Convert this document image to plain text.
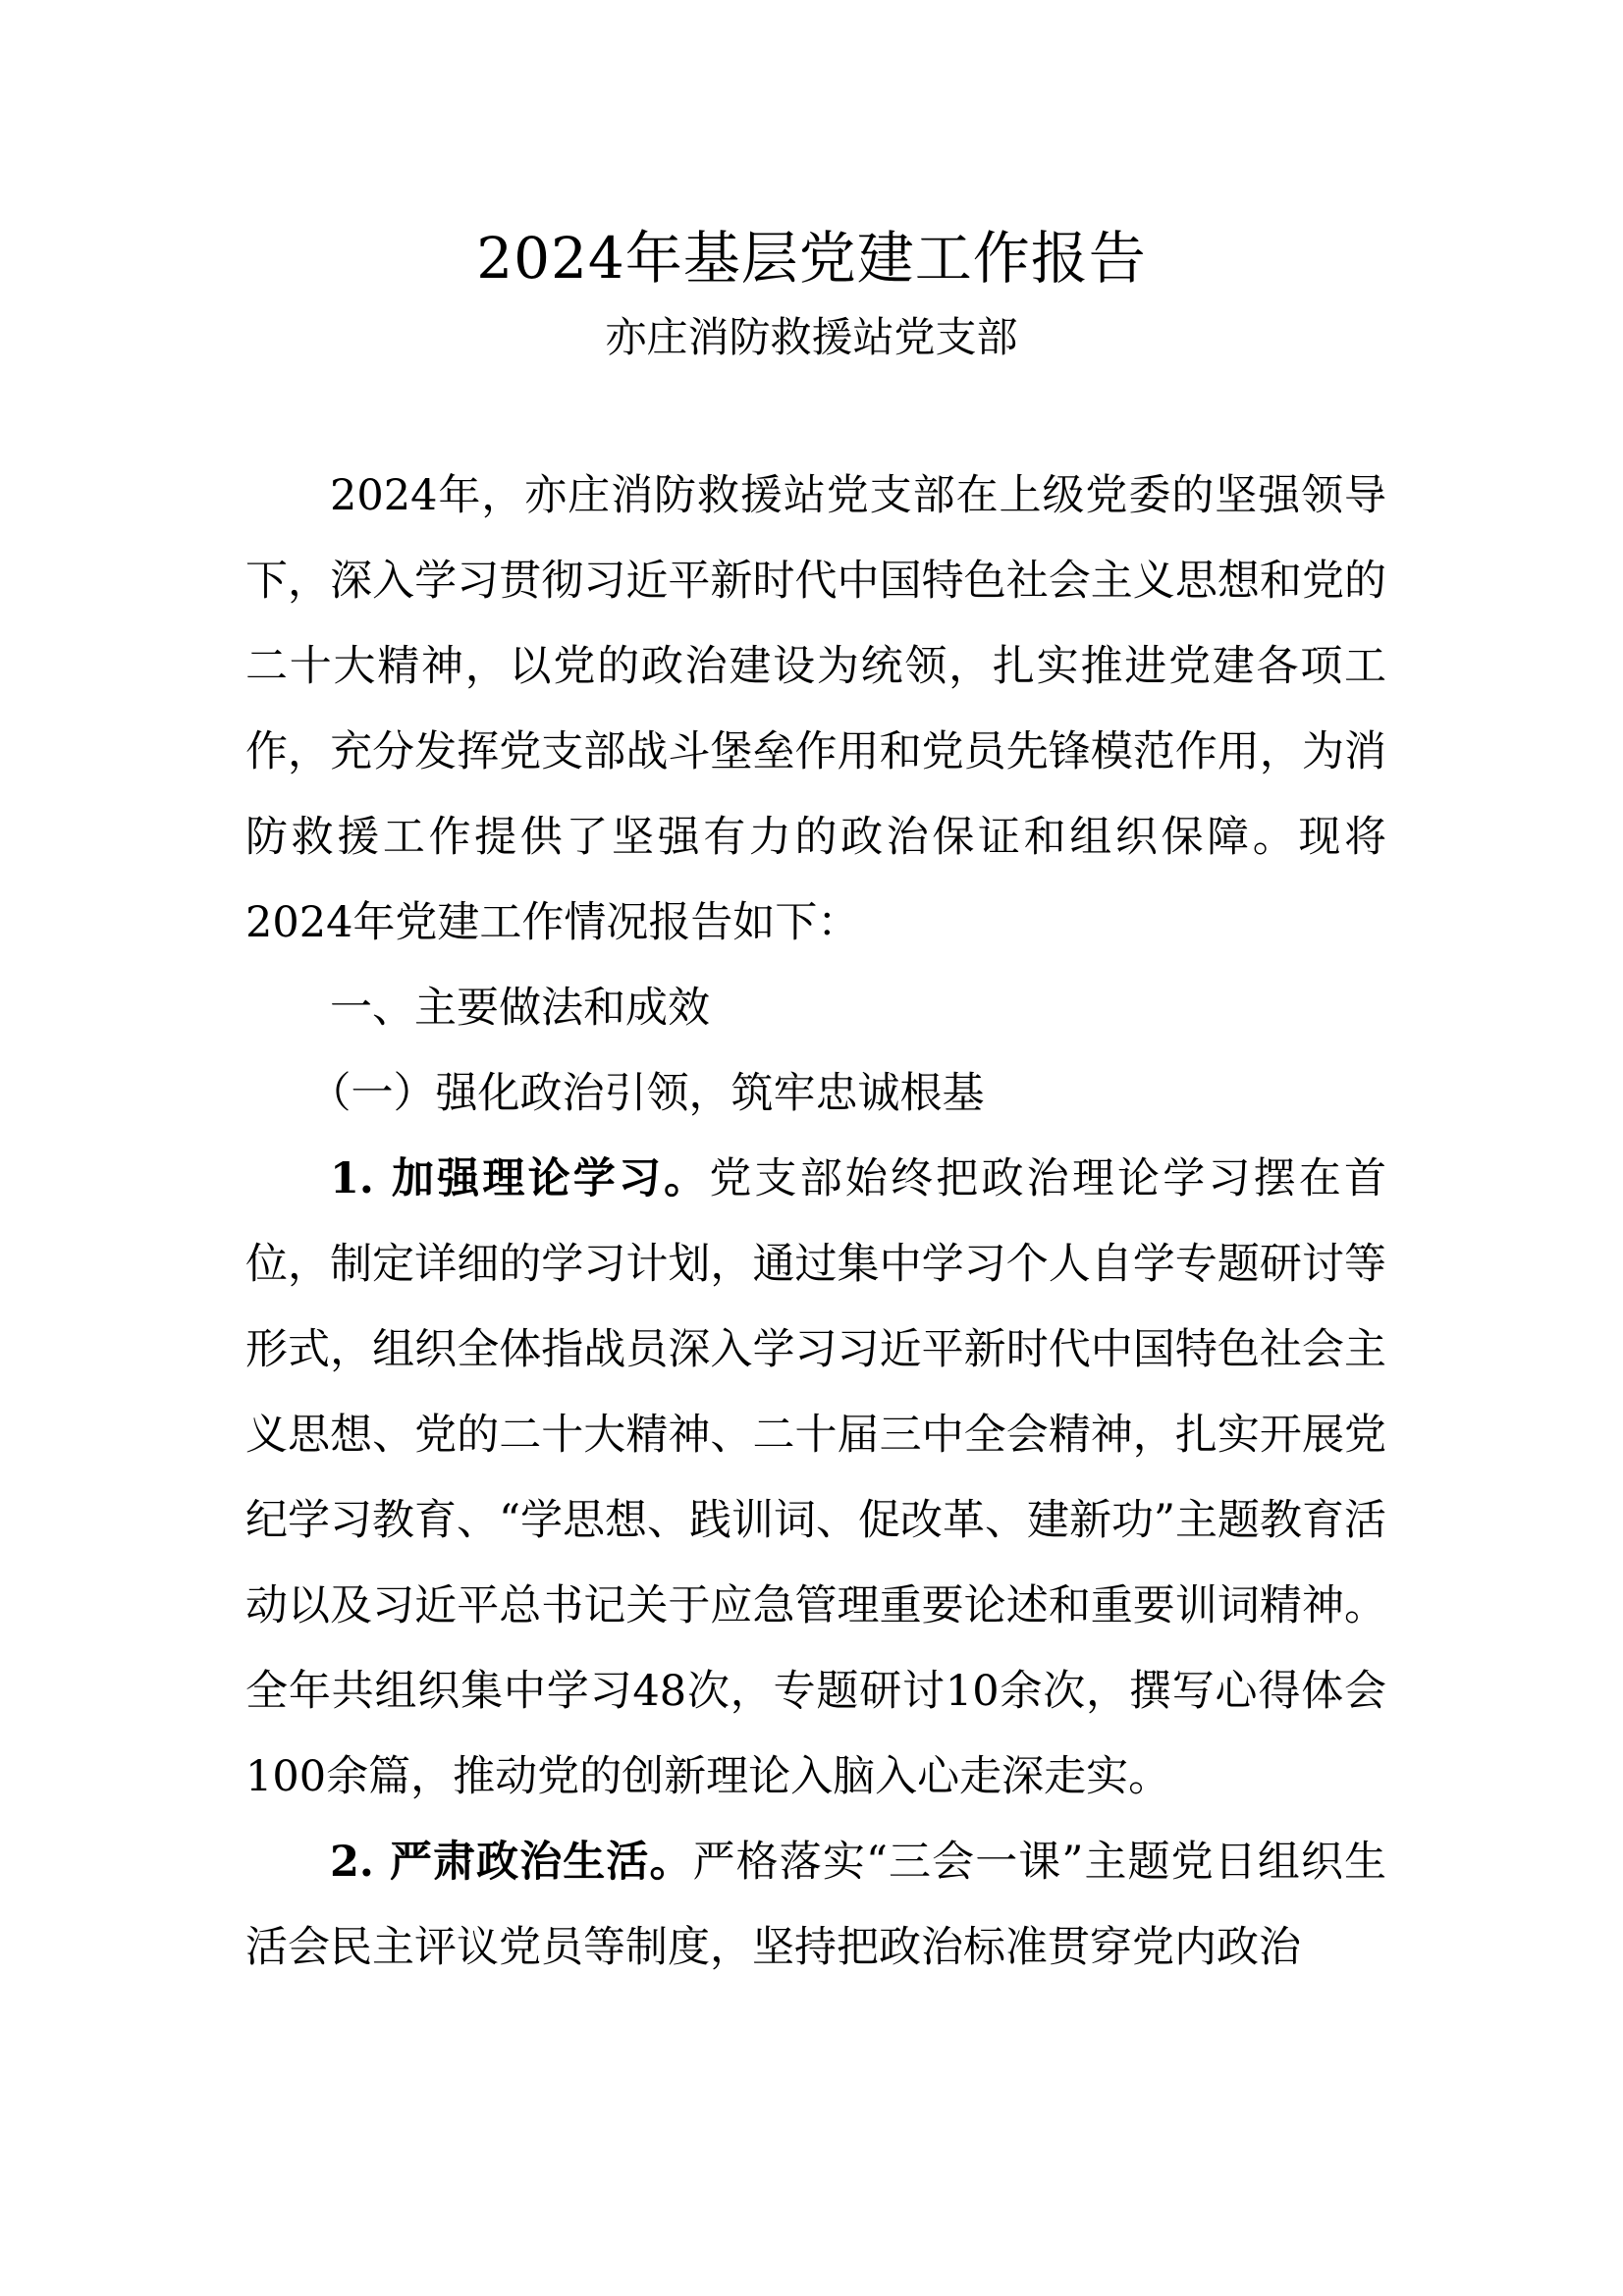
2024年基层党建工作报告
亦庄消防救援站党支部

2024年，亦庄消防救援站党支部在上级党委的坚强领导下，深入学习贯彻习近平新时代中国特色社会主义思想和党的二十大精神，以党的政治建设为统领，扎实推进党建各项工作，充分发挥党支部战斗堡垒作用和党员先锋模范作用，为消防救援工作提供了坚强有力的政治保证和组织保障。现将2024年党建工作情况报告如下：

一、主要做法和成效

（一）强化政治引领，筑牢忠诚根基

1. 加强理论学习。党支部始终把政治理论学习摆在首位，制定详细的学习计划，通过集中学习个人自学专题研讨等形式，组织全体指战员深入学习习近平新时代中国特色社会主义思想、党的二十大精神、二十届三中全会精神，扎实开展党纪学习教育、“学思想、践训词、促改革、建新功”主题教育活动以及习近平总书记关于应急管理重要论述和重要训词精神。全年共组织集中学习48次，专题研讨10余次，撰写心得体会100余篇，推动党的创新理论入脑入心走深走实。

2. 严肃政治生活。严格落实“三会一课”主题党日组织生活会民主评议党员等制度，坚持把政治标准贯穿党内政治
